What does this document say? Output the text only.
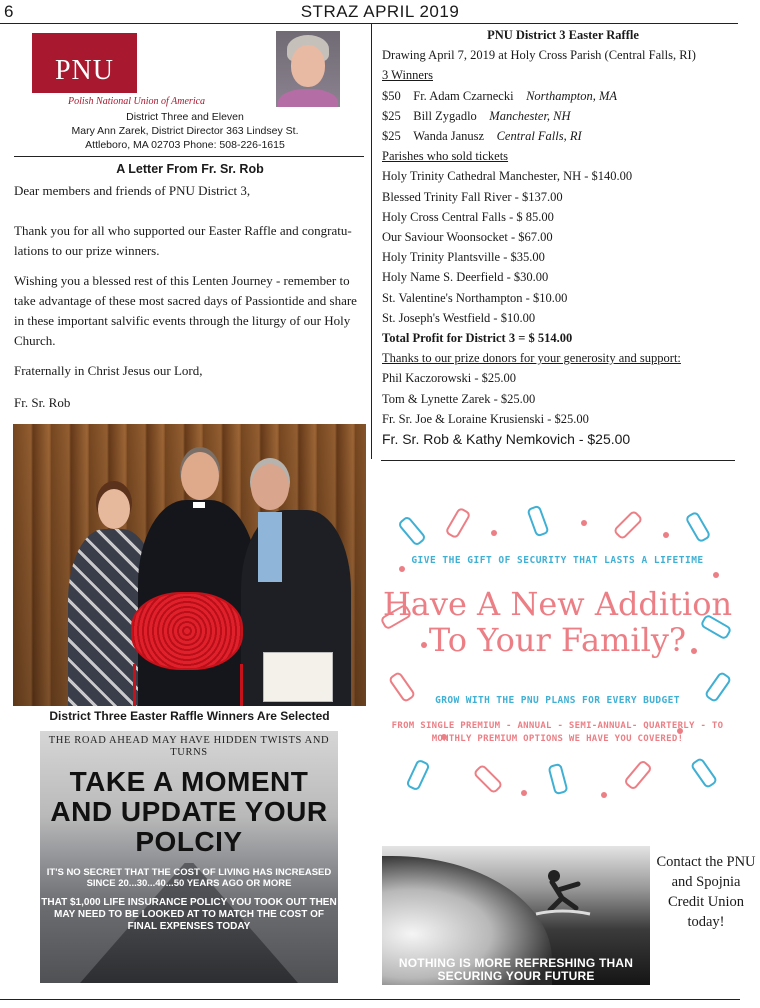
6	STRAZ APRIL 2019
PNU
Polish National Union of America
District Three and Eleven
Mary Ann Zarek, District Director 363 Lindsey St.
Attleboro, MA 02703 Phone: 508-226-1615
A Letter From Fr. Sr. Rob

Dear members and friends of PNU District 3,

Thank you for all who supported our Easter Raffle and congratu-lations to our prize winners.

Wishing you a blessed rest of this Lenten Journey - remember to take advantage of these most sacred days of Passiontide and share in these important salvific events through the liturgy of our Holy Church.

Fraternally in Christ Jesus our Lord,

Fr. Sr. Rob

District Three Easter Raffle Winners Are Selected
THE ROAD AHEAD MAY HAVE HIDDEN TWISTS AND TURNS
TAKE A MOMENT AND UPDATE YOUR POLCIY
IT'S NO SECRET THAT THE COST OF LIVING HAS INCREASED SINCE 20...30...40...50 YEARS AGO OR MORE
THAT $1,000 LIFE INSURANCE POLICY YOU TOOK OUT THEN MAY NEED TO BE LOOKED AT TO MATCH THE COST OF FINAL EXPENSES TODAY
PNU District 3 Easter Raffle
Drawing April 7, 2019 at Holy Cross Parish (Central Falls, RI)
3 Winners
$50 Fr. Adam Czarnecki Northampton, MA
$25 Bill Zygadlo Manchester, NH
$25 Wanda Janusz Central Falls, RI
Parishes who sold tickets
Holy Trinity Cathedral Manchester, NH - $140.00
Blessed Trinity Fall River - $137.00
Holy Cross Central Falls - $ 85.00
Our Saviour Woonsocket - $67.00
Holy Trinity Plantsville - $35.00
Holy Name S. Deerfield - $30.00
St. Valentine's Northampton - $10.00
St. Joseph's Westfield - $10.00
Total Profit for District 3 = $ 514.00
Thanks to our prize donors for your generosity and support:
Phil Kaczorowski - $25.00
Tom & Lynette Zarek - $25.00
Fr. Sr. Joe & Loraine Krusienski - $25.00
Fr. Sr. Rob & Kathy Nemkovich - $25.00
GIVE THE GIFT OF SECURITY THAT LASTS A LIFETIME
Have A New Addition To Your Family?
GROW WITH THE PNU PLANS FOR EVERY BUDGET
FROM SINGLE PREMIUM - ANNUAL - SEMI-ANNUAL- QUARTERLY - TO MONTHLY PREMIUM OPTIONS WE HAVE YOU COVERED!
NOTHING IS MORE REFRESHING THAN SECURING YOUR FUTURE
Contact the PNU and Spojnia Credit Union today!
